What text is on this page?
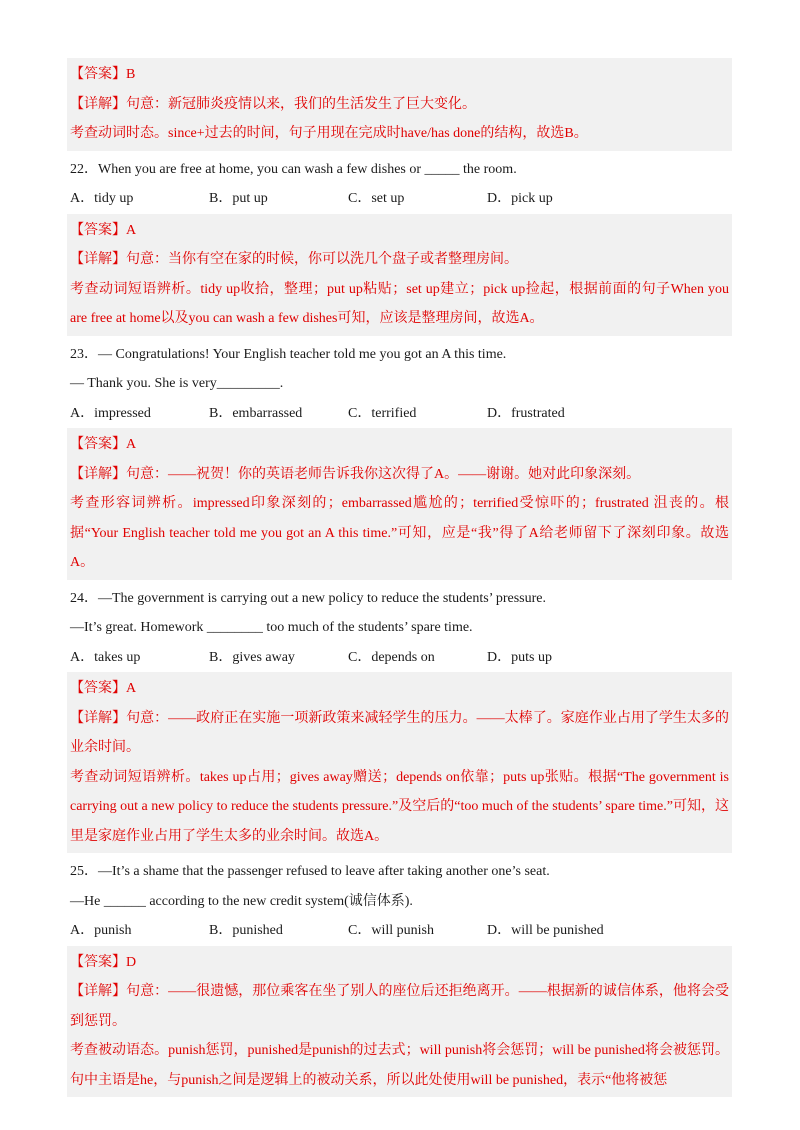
【答案】B
【详解】句意：新冠肺炎疫情以来，我们的生活发生了巨大变化。
考查动词时态。since+过去的时间，句子用现在完成时have/has done的结构，故选B。
22．When you are free at home, you can wash a few dishes or _____ the room.
A．tidy up	B．put up	C．set up	D．pick up
【答案】A
【详解】句意：当你有空在家的时候，你可以洗几个盘子或者整理房间。
考查动词短语辨析。tidy up收拾，整理；put up粘贴；set up建立；pick up捡起，根据前面的句子When you are free at home以及you can wash a few dishes可知，应该是整理房间，故选A。
23．— Congratulations! Your English teacher told me you got an A this time.
— Thank you. She is very_________.
A．impressed	B．embarrassed	C．terrified	D．frustrated
【答案】A
【详解】句意：——祝贺！你的英语老师告诉我你这次得了A。——谢谢。她对此印象深刻。
考查形容词辨析。impressed印象深刻的；embarrassed尴尬的；terrified受惊吓的；frustrated 沮丧的。根据“Your English teacher told me you got an A this time.”可知，应是“我”得了A给老师留下了深刻印象。故选A。
24．—The government is carrying out a new policy to reduce the students’ pressure.
—It’s great. Homework ________ too much of the students’ spare time.
A．takes up	B．gives away	C．depends on	D．puts up
【答案】A
【详解】句意：——政府正在实施一项新政策来减轻学生的压力。——太棒了。家庭作业占用了学生太多的业余时间。
考查动词短语辨析。takes up占用；gives away赠送；depends on依靠；puts up张贴。根据“The government is carrying out a new policy to reduce the students pressure.”及空后的“too much of the students’ spare time.”可知，这里是家庭作业占用了学生太多的业余时间。故选A。
25．—It’s a shame that the passenger refused to leave after taking another one’s seat.
—He ______ according to the new credit system(诚信体系).
A．punish	B．punished	C．will punish	D．will be punished
【答案】D
【详解】句意：——很遗憾，那位乘客在坐了别人的座位后还拒绝离开。——根据新的诚信体系，他将会受到惩罚。
考查被动语态。punish惩罚，punished是punish的过去式；will punish将会惩罚；will be punished将会被惩罚。句中主语是he，与punish之间是逻辑上的被动关系，所以此处使用will be punished，表示“他将被惩
